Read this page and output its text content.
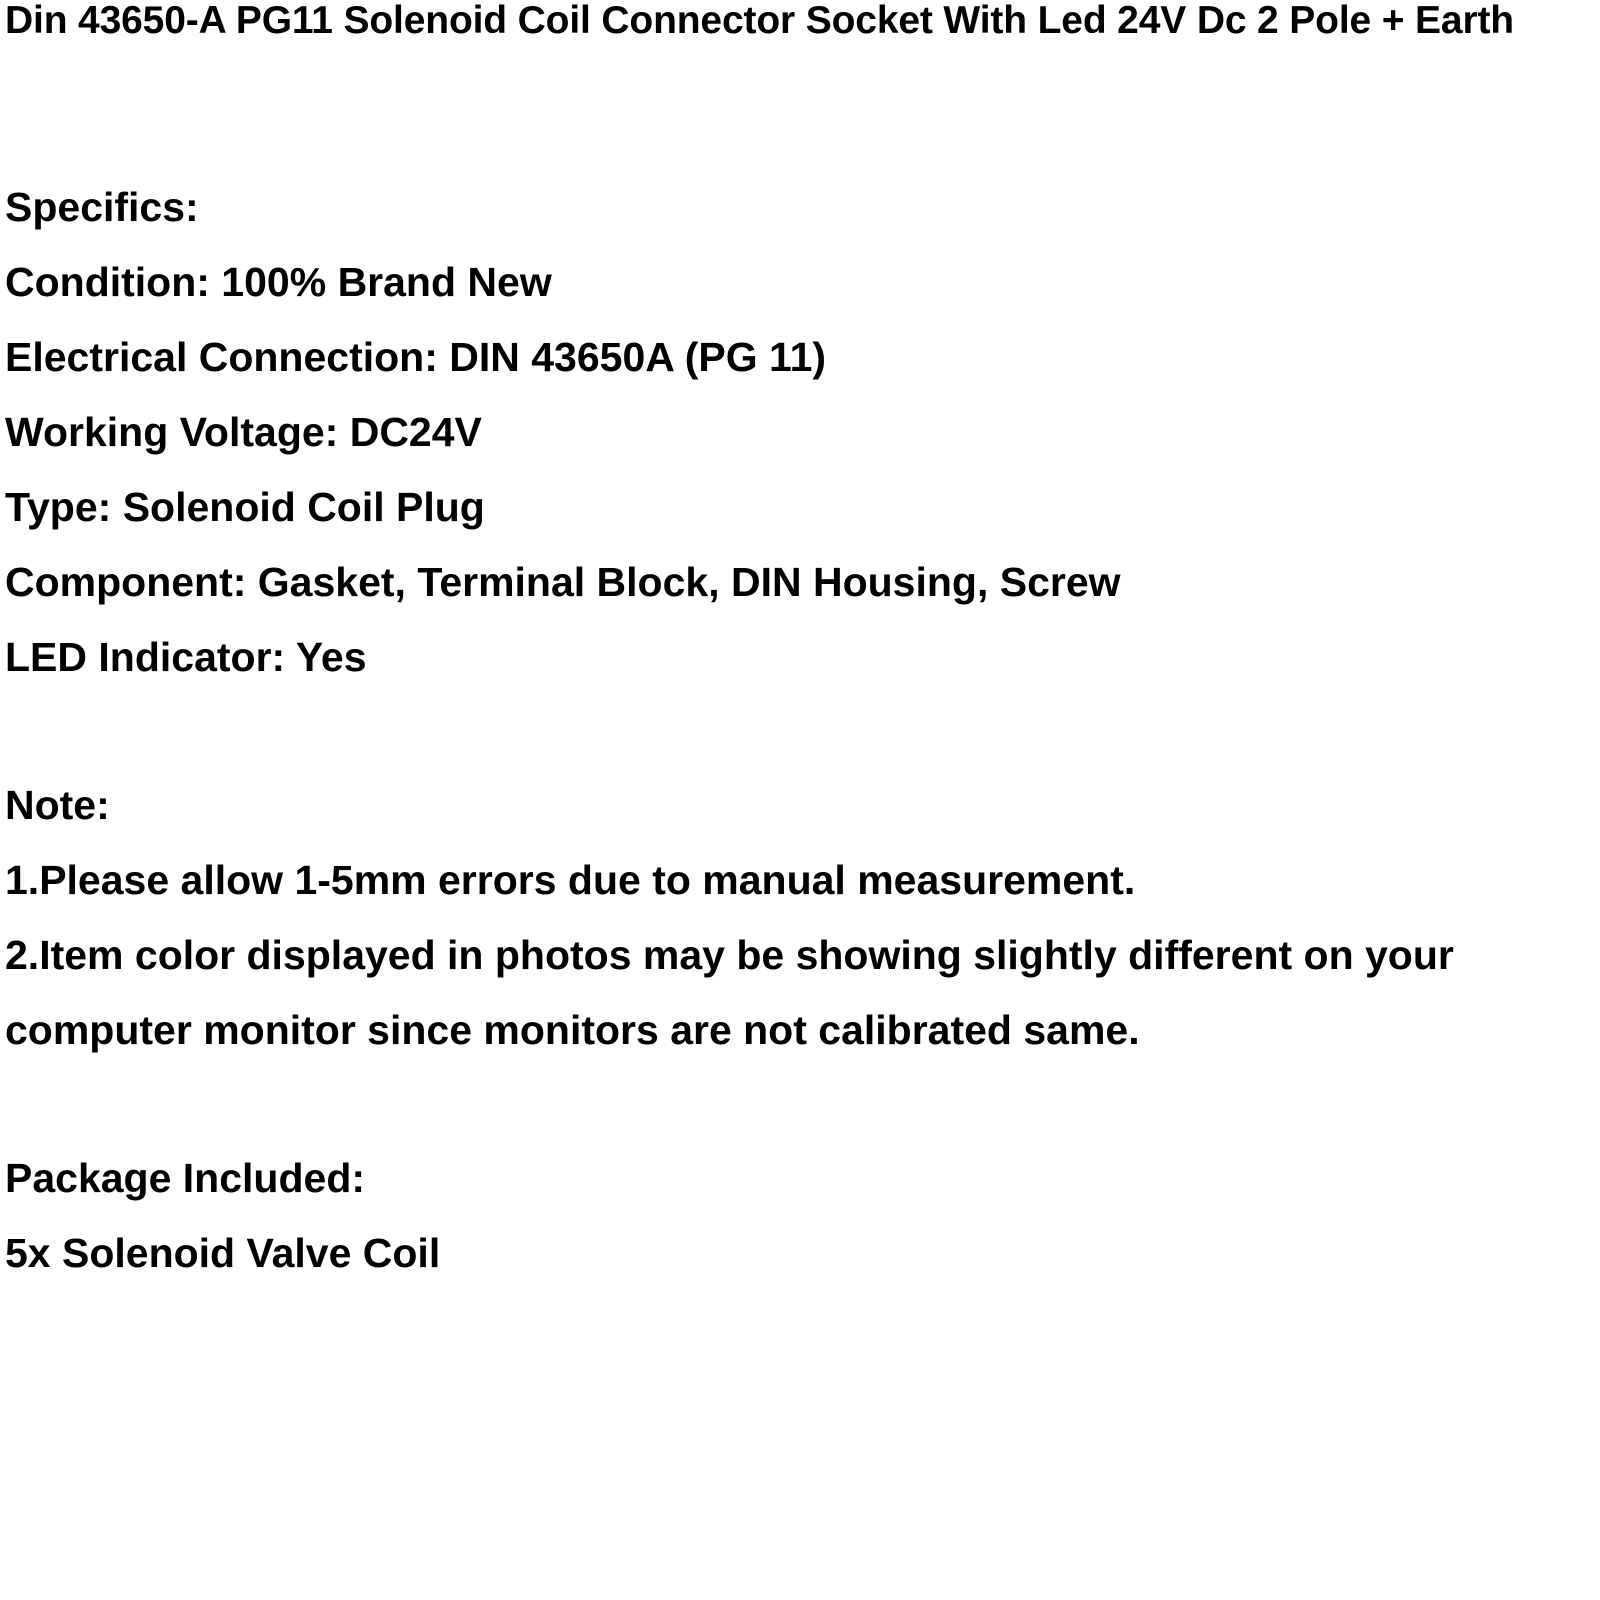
Din 43650-A PG11 Solenoid Coil Connector Socket With Led 24V Dc 2 Pole + Earth
Specifics:
Condition: 100% Brand New
Electrical Connection: DIN 43650A (PG 11)
Working Voltage: DC24V
Type: Solenoid Coil Plug
Component: Gasket, Terminal Block, DIN Housing, Screw
LED Indicator: Yes
Note:
1.Please allow 1-5mm errors due to manual measurement.
2.Item color displayed in photos may be showing slightly different on your
computer monitor since monitors are not calibrated same.
Package Included:
5x Solenoid Valve Coil
